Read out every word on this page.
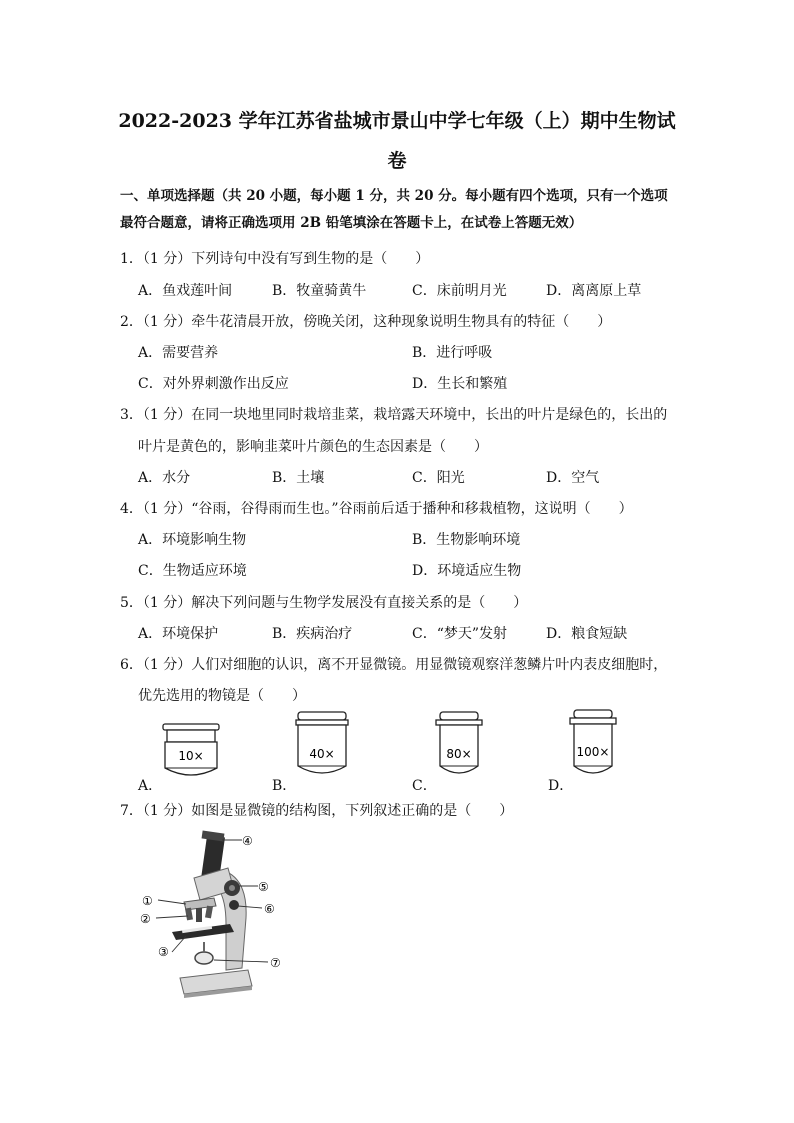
2022-2023 学年江苏省盐城市景山中学七年级（上）期中生物试
卷
一、单项选择题（共 20 小题，每小题 1 分，共 20 分。每小题有四个选项，只有一个选项最符合题意，请将正确选项用 2B 铅笔填涂在答题卡上，在试卷上答题无效）
1．（1 分）下列诗句中没有写到生物的是（　　）
A．鱼戏莲叶间	B．牧童骑黄牛	C．床前明月光	D．离离原上草
2．（1 分）牵牛花清晨开放，傍晚关闭，这种现象说明生物具有的特征（　　）
A．需要营养	B．进行呼吸
C．对外界刺激作出反应	D．生长和繁殖
3．（1 分）在同一块地里同时栽培韭菜，栽培露天环境中，长出的叶片是绿色的，长出的
叶片是黄色的，影响韭菜叶片颜色的生态因素是（　　）
A．水分	B．土壤	C．阳光	D．空气
4．（1 分）“谷雨，谷得雨而生也。”谷雨前后适于播种和移栽植物，这说明（　　）
A．环境影响生物	B．生物影响环境
C．生物适应环境	D．环境适应生物
5．（1 分）解决下列问题与生物学发展没有直接关系的是（　　）
A．环境保护	B．疾病治疗	C．“梦天”发射	D．粮食短缺
6．（1 分）人们对细胞的认识，离不开显微镜。用显微镜观察洋葱鳞片叶内表皮细胞时，
优先选用的物镜是（　　）
A．
10×
B．
40×
C．
80×
D．
100×
7．（1 分）如图是显微镜的结构图，下列叙述正确的是（　　）
④
⑤
⑥
①
②
③
⑦
